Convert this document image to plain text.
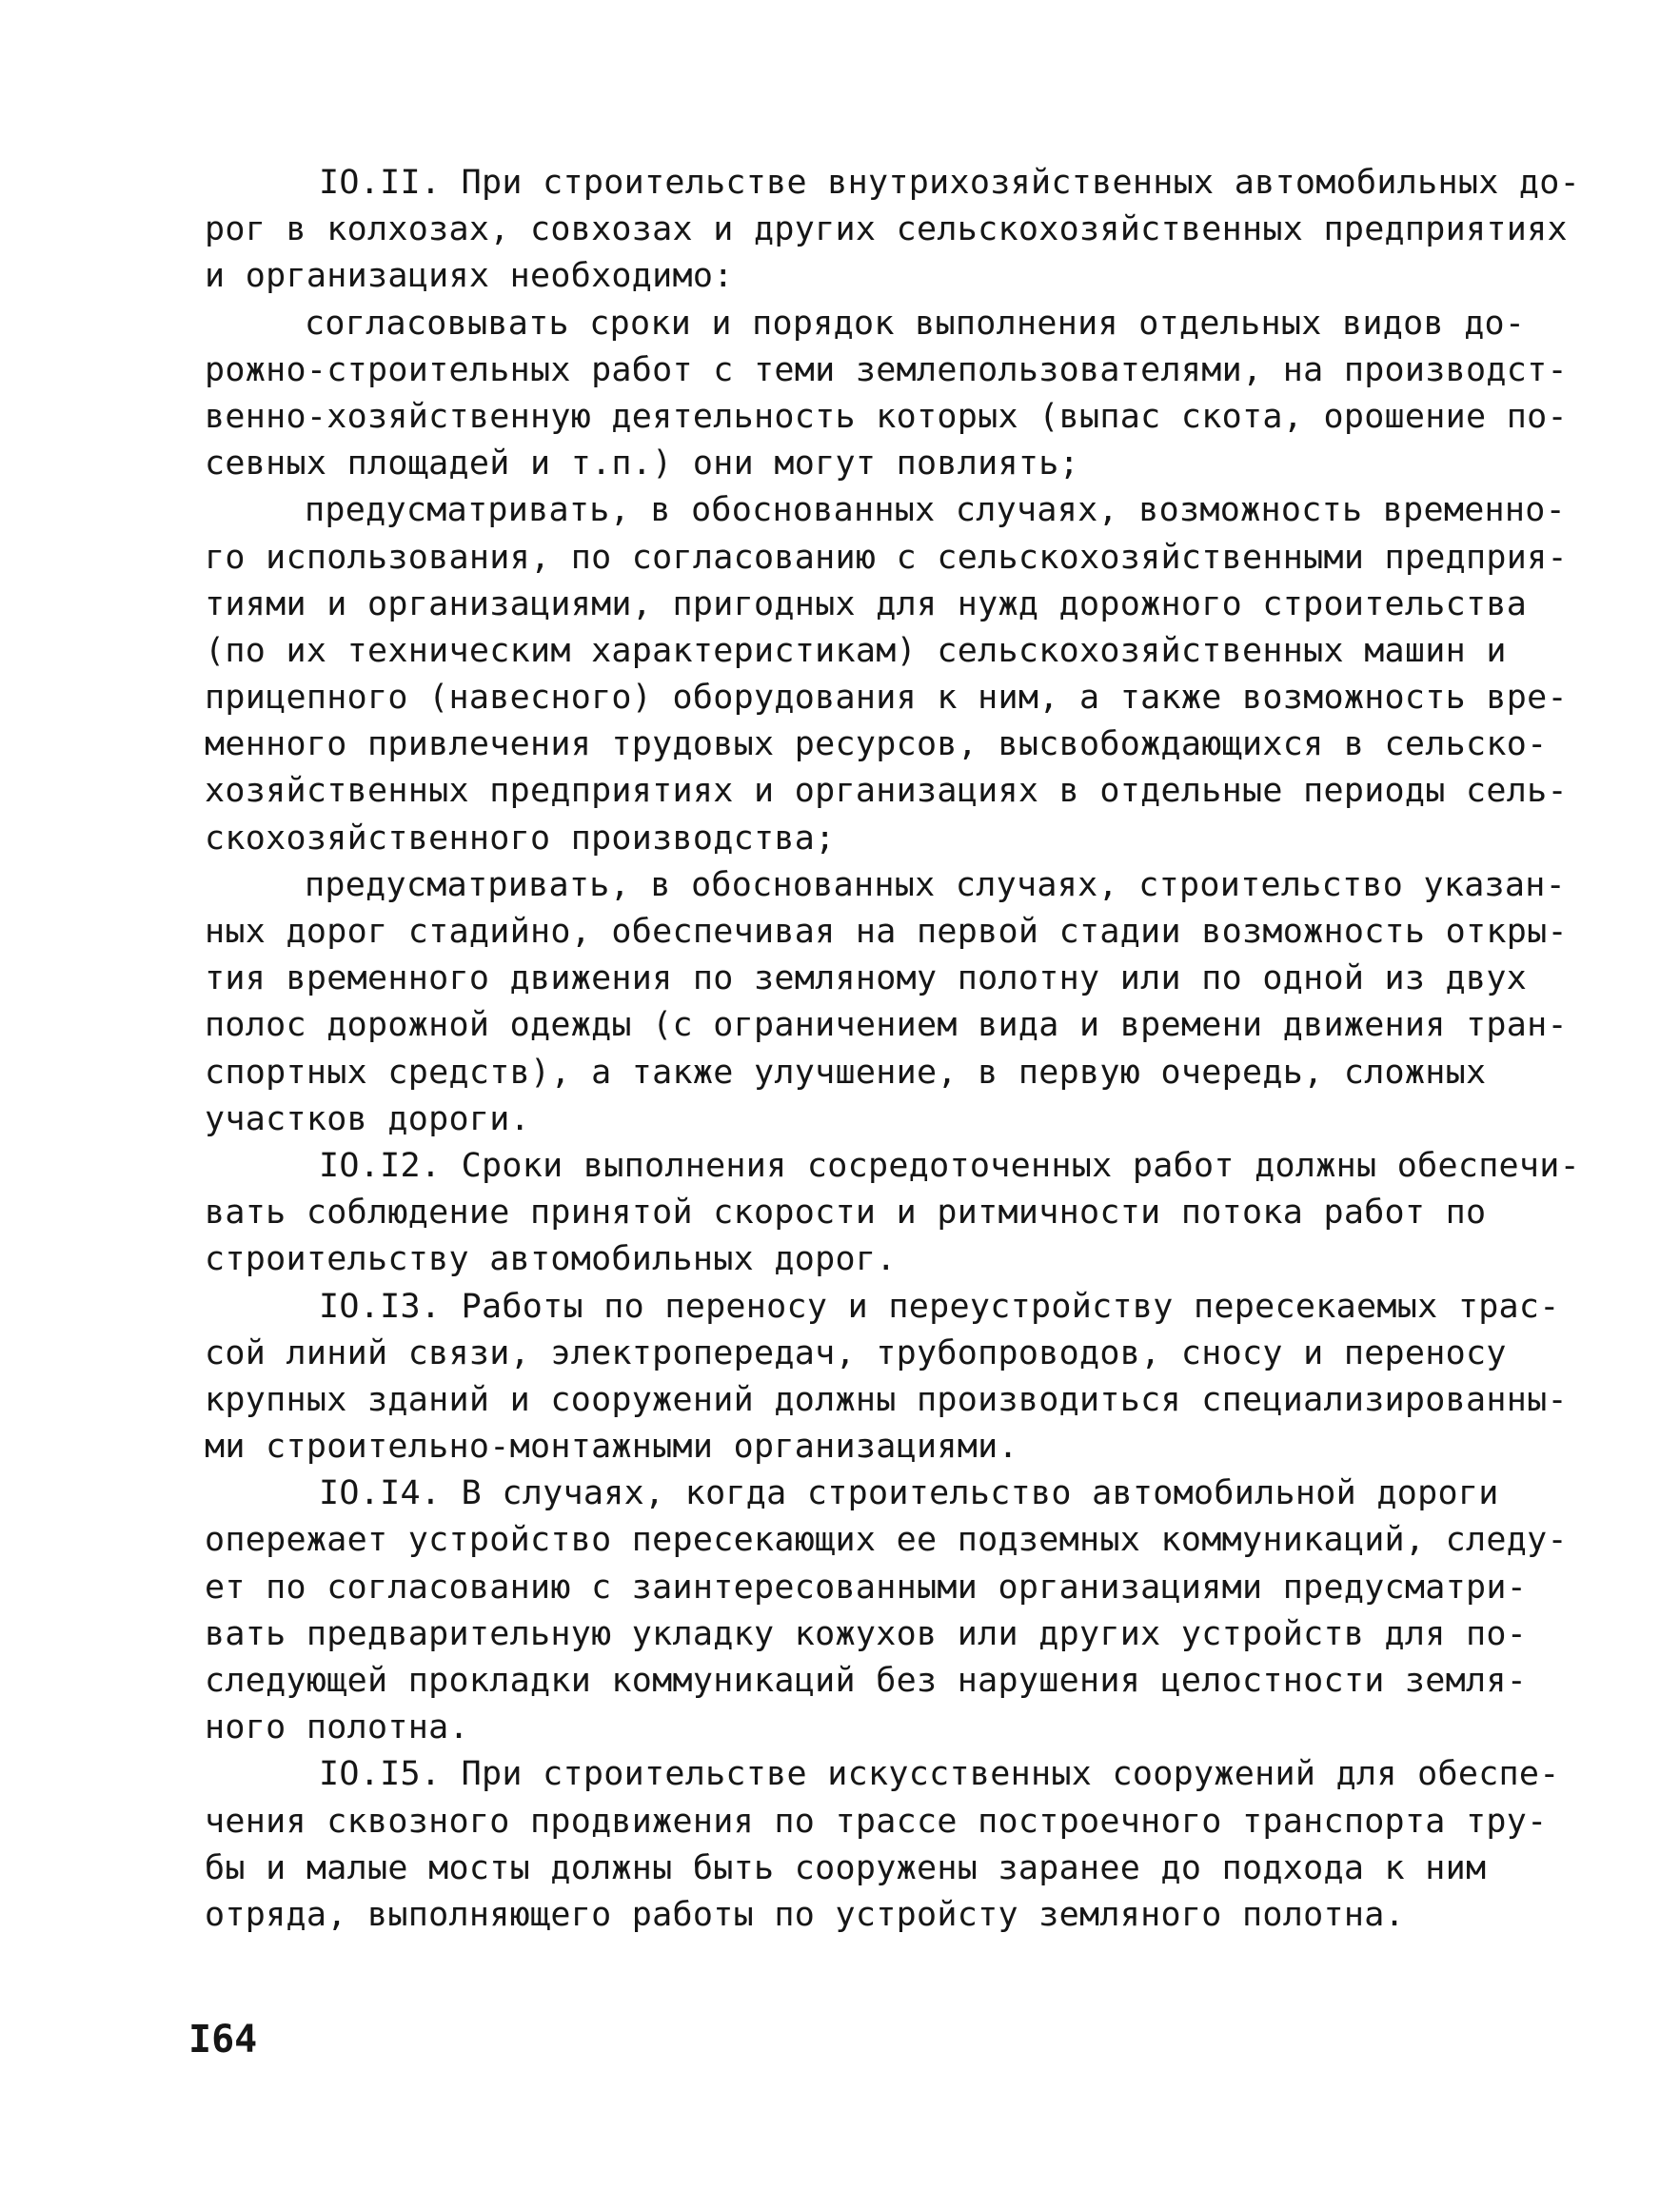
IO.II. При строительстве внутрихозяйственных автомобильных до-
рог в колхозах, совхозах и других сельскохозяйственных предприятиях
и организациях необходимо:
согласовывать сроки и порядок выполнения отдельных видов до-
рожно-строительных работ с теми землепользователями, на производст-
венно-хозяйственную деятельность которых (выпас скота, орошение по-
севных площадей и т.п.) они могут повлиять;
предусматривать, в обоснованных случаях, возможность временно-
го использования, по согласованию с сельскохозяйственными предприя-
тиями и организациями, пригодных для нужд дорожного строительства
(по их техническим характеристикам) сельскохозяйственных машин и
прицепного (навесного) оборудования к ним, а также возможность вре-
менного привлечения трудовых ресурсов, высвобождающихся в сельско-
хозяйственных предприятиях и организациях в отдельные периоды сель-
скохозяйственного производства;
предусматривать, в обоснованных случаях, строительство указан-
ных дорог стадийно, обеспечивая на первой стадии возможность откры-
тия временного движения по земляному полотну или по одной из двух
полос дорожной одежды (с ограничением вида и времени движения тран-
спортных средств), а также улучшение, в первую очередь, сложных
участков дороги.
IO.I2. Сроки выполнения сосредоточенных работ должны обеспечи-
вать соблюдение принятой скорости и ритмичности потока работ по
строительству автомобильных дорог.
IO.I3. Работы по переносу и переустройству пересекаемых трас-
сой линий связи, электропередач, трубопроводов, сносу и переносу
крупных зданий и сооружений должны производиться специализированны-
ми строительно-монтажными организациями.
IO.I4. В случаях, когда строительство автомобильной дороги
опережает устройство пересекающих ее подземных коммуникаций, следу-
ет по согласованию с заинтересованными организациями предусматри-
вать предварительную укладку кожухов или других устройств для по-
следующей прокладки коммуникаций без нарушения целостности земля-
ного полотна.
IO.I5. При строительстве искусственных сооружений для обеспе-
чения сквозного продвижения по трассе построечного транспорта тру-
бы и малые мосты должны быть сооружены заранее до подхода к ним
отряда, выполняющего работы по устройсту земляного полотна.
I64
